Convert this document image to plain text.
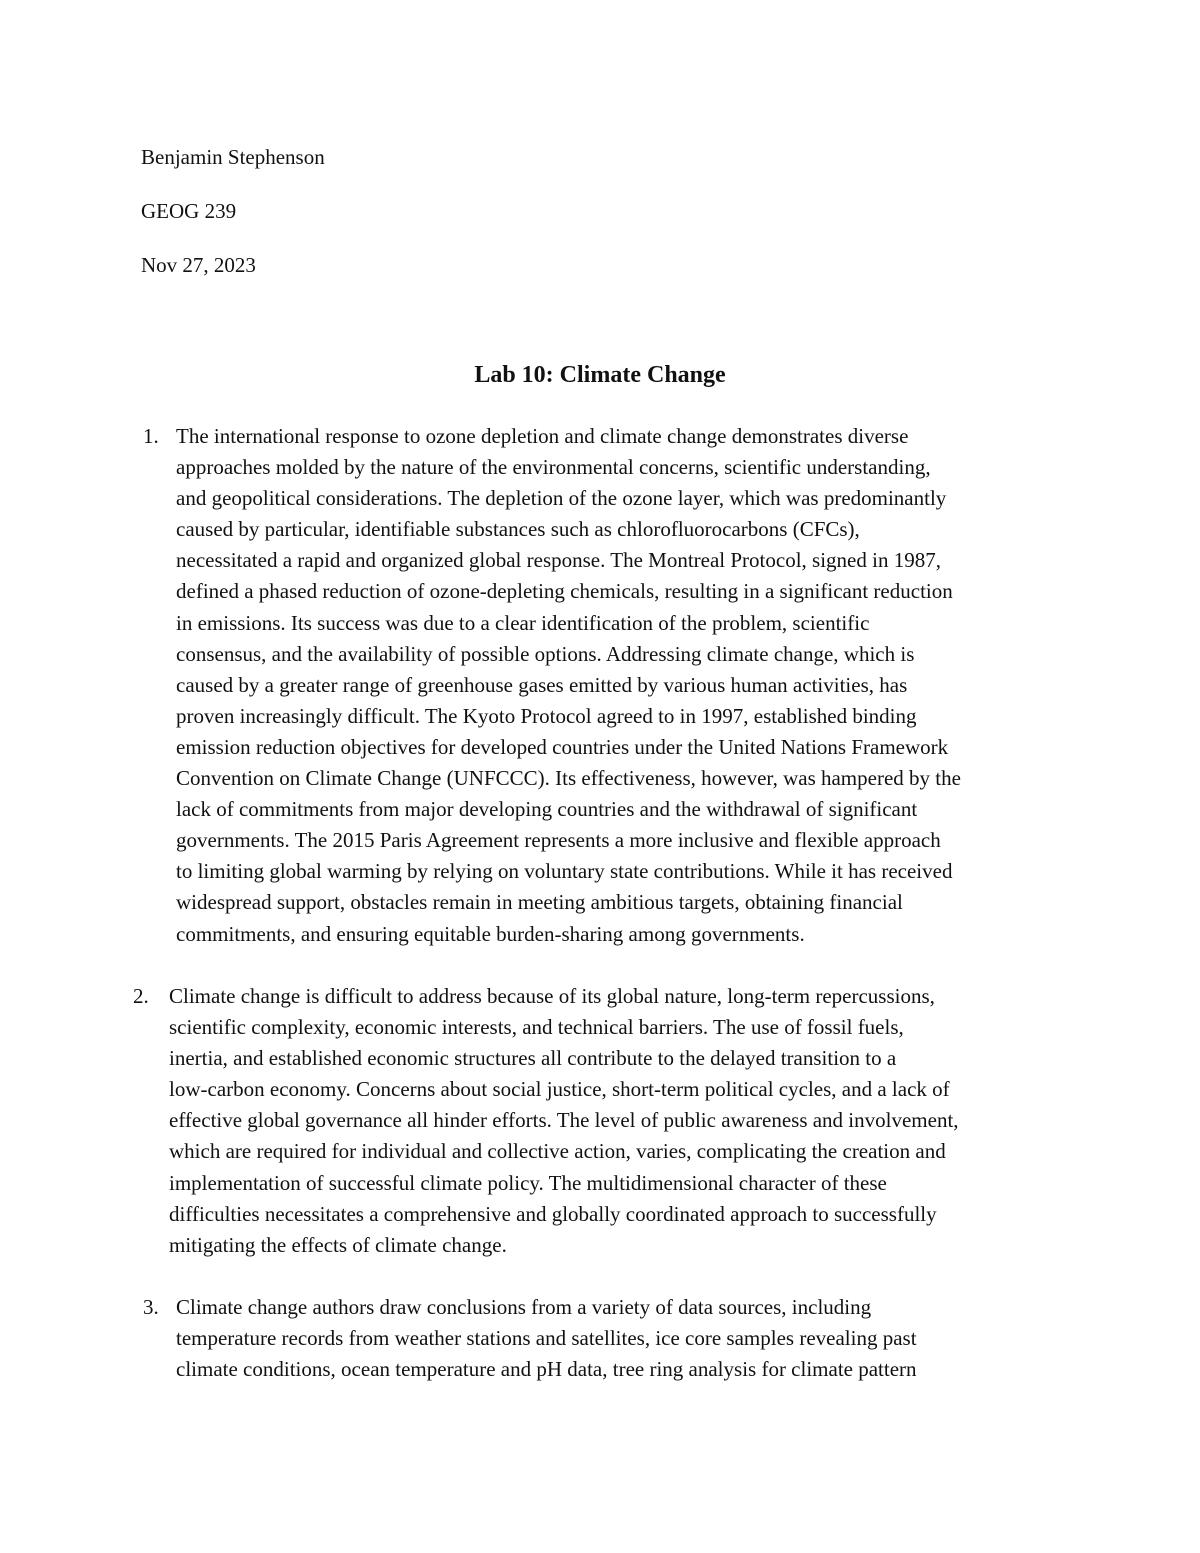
Benjamin Stephenson
GEOG 239
Nov 27, 2023
Lab 10: Climate Change
1. The international response to ozone depletion and climate change demonstrates diverse
approaches molded by the nature of the environmental concerns, scientific understanding,
and geopolitical considerations. The depletion of the ozone layer, which was predominantly
caused by particular, identifiable substances such as chlorofluorocarbons (CFCs),
necessitated a rapid and organized global response. The Montreal Protocol, signed in 1987,
defined a phased reduction of ozone-depleting chemicals, resulting in a significant reduction
in emissions. Its success was due to a clear identification of the problem, scientific
consensus, and the availability of possible options. Addressing climate change, which is
caused by a greater range of greenhouse gases emitted by various human activities, has
proven increasingly difficult. The Kyoto Protocol agreed to in 1997, established binding
emission reduction objectives for developed countries under the United Nations Framework
Convention on Climate Change (UNFCCC). Its effectiveness, however, was hampered by the
lack of commitments from major developing countries and the withdrawal of significant
governments. The 2015 Paris Agreement represents a more inclusive and flexible approach
to limiting global warming by relying on voluntary state contributions. While it has received
widespread support, obstacles remain in meeting ambitious targets, obtaining financial
commitments, and ensuring equitable burden-sharing among governments.
2. Climate change is difficult to address because of its global nature, long-term repercussions,
scientific complexity, economic interests, and technical barriers. The use of fossil fuels,
inertia, and established economic structures all contribute to the delayed transition to a
low-carbon economy. Concerns about social justice, short-term political cycles, and a lack of
effective global governance all hinder efforts. The level of public awareness and involvement,
which are required for individual and collective action, varies, complicating the creation and
implementation of successful climate policy. The multidimensional character of these
difficulties necessitates a comprehensive and globally coordinated approach to successfully
mitigating the effects of climate change.
3. Climate change authors draw conclusions from a variety of data sources, including
temperature records from weather stations and satellites, ice core samples revealing past
climate conditions, ocean temperature and pH data, tree ring analysis for climate pattern
